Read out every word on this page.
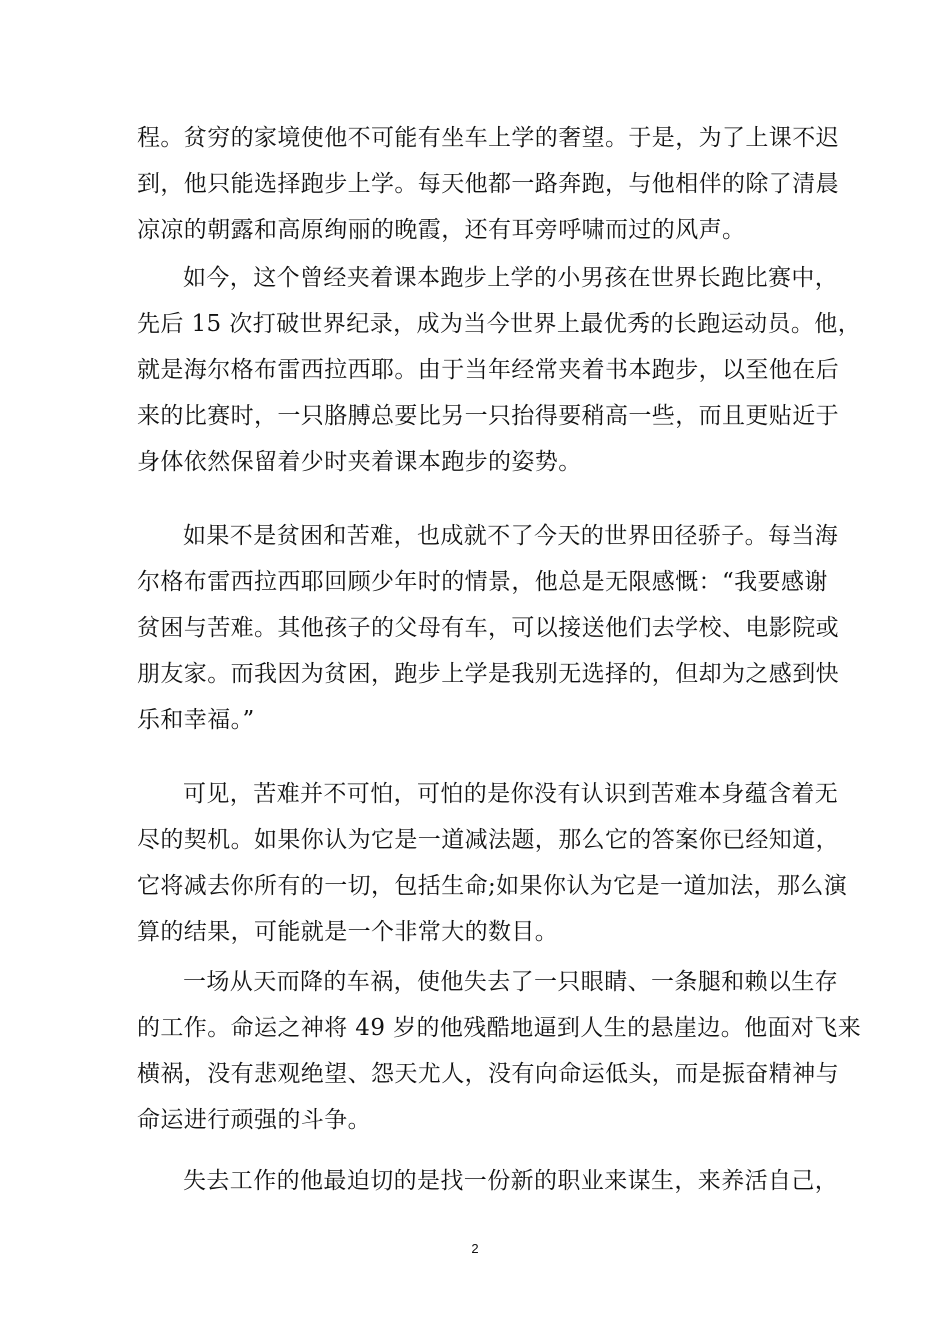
程。贫穷的家境使他不可能有坐车上学的奢望。于是，为了上课不迟
到，他只能选择跑步上学。每天他都一路奔跑，与他相伴的除了清晨
凉凉的朝露和高原绚丽的晚霞，还有耳旁呼啸而过的风声。
如今，这个曾经夹着课本跑步上学的小男孩在世界长跑比赛中，
先后 15 次打破世界纪录，成为当今世界上最优秀的长跑运动员。他，
就是海尔格布雷西拉西耶。由于当年经常夹着书本跑步，以至他在后
来的比赛时，一只胳膊总要比另一只抬得要稍高一些，而且更贴近于
身体依然保留着少时夹着课本跑步的姿势。
如果不是贫困和苦难，也成就不了今天的世界田径骄子。每当海
尔格布雷西拉西耶回顾少年时的情景，他总是无限感慨：“我要感谢
贫困与苦难。其他孩子的父母有车，可以接送他们去学校、电影院或
朋友家。而我因为贫困，跑步上学是我别无选择的，但却为之感到快
乐和幸福。”
可见，苦难并不可怕，可怕的是你没有认识到苦难本身蕴含着无
尽的契机。如果你认为它是一道减法题，那么它的答案你已经知道，
它将减去你所有的一切，包括生命;如果你认为它是一道加法，那么演
算的结果，可能就是一个非常大的数目。
一场从天而降的车祸，使他失去了一只眼睛、一条腿和赖以生存
的工作。命运之神将 49 岁的他残酷地逼到人生的悬崖边。他面对飞来
横祸，没有悲观绝望、怨天尤人，没有向命运低头，而是振奋精神与
命运进行顽强的斗争。
失去工作的他最迫切的是找一份新的职业来谋生，来养活自己，
2
